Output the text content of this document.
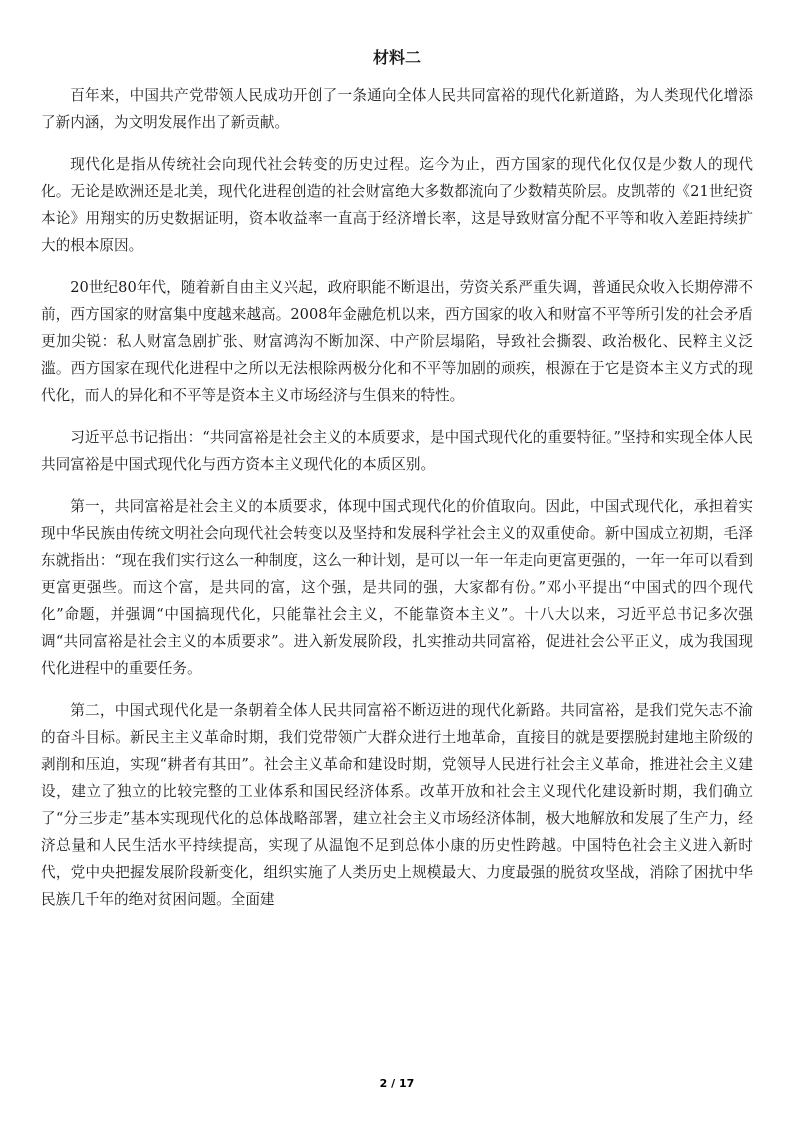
材料二

百年来，中国共产党带领人民成功开创了一条通向全体人民共同富裕的现代化新道路，为人类现代化增添了新内涵，为文明发展作出了新贡献。

现代化是指从传统社会向现代社会转变的历史过程。迄今为止，西方国家的现代化仅仅是少数人的现代化。无论是欧洲还是北美，现代化进程创造的社会财富绝大多数都流向了少数精英阶层。皮凯蒂的《21世纪资本论》用翔实的历史数据证明，资本收益率一直高于经济增长率，这是导致财富分配不平等和收入差距持续扩大的根本原因。

20世纪80年代，随着新自由主义兴起，政府职能不断退出，劳资关系严重失调，普通民众收入长期停滞不前，西方国家的财富集中度越来越高。2008年金融危机以来，西方国家的收入和财富不平等所引发的社会矛盾更加尖锐：私人财富急剧扩张、财富鸿沟不断加深、中产阶层塌陷，导致社会撕裂、政治极化、民粹主义泛滥。西方国家在现代化进程中之所以无法根除两极分化和不平等加剧的顽疾，根源在于它是资本主义方式的现代化，而人的异化和不平等是资本主义市场经济与生俱来的特性。

习近平总书记指出：“共同富裕是社会主义的本质要求，是中国式现代化的重要特征。”坚持和实现全体人民共同富裕是中国式现代化与西方资本主义现代化的本质区别。

第一，共同富裕是社会主义的本质要求，体现中国式现代化的价值取向。因此，中国式现代化，承担着实现中华民族由传统文明社会向现代社会转变以及坚持和发展科学社会主义的双重使命。新中国成立初期，毛泽东就指出：“现在我们实行这么一种制度，这么一种计划，是可以一年一年走向更富更强的，一年一年可以看到更富更强些。而这个富，是共同的富，这个强，是共同的强，大家都有份。”邓小平提出“中国式的四个现代化”命题，并强调“中国搞现代化，只能靠社会主义，不能靠资本主义”。十八大以来，习近平总书记多次强调“共同富裕是社会主义的本质要求”。进入新发展阶段，扎实推动共同富裕，促进社会公平正义，成为我国现代化进程中的重要任务。

第二，中国式现代化是一条朝着全体人民共同富裕不断迈进的现代化新路。共同富裕，是我们党矢志不渝的奋斗目标。新民主主义革命时期，我们党带领广大群众进行土地革命，直接目的就是要摆脱封建地主阶级的剥削和压迫，实现“耕者有其田”。社会主义革命和建设时期，党领导人民进行社会主义革命，推进社会主义建设，建立了独立的比较完整的工业体系和国民经济体系。改革开放和社会主义现代化建设新时期，我们确立了“分三步走”基本实现现代化的总体战略部署，建立社会主义市场经济体制，极大地解放和发展了生产力，经济总量和人民生活水平持续提高，实现了从温饱不足到总体小康的历史性跨越。中国特色社会主义进入新时代，党中央把握发展阶段新变化，组织实施了人类历史上规模最大、力度最强的脱贫攻坚战，消除了困扰中华民族几千年的绝对贫困问题。全面建

2 / 17
